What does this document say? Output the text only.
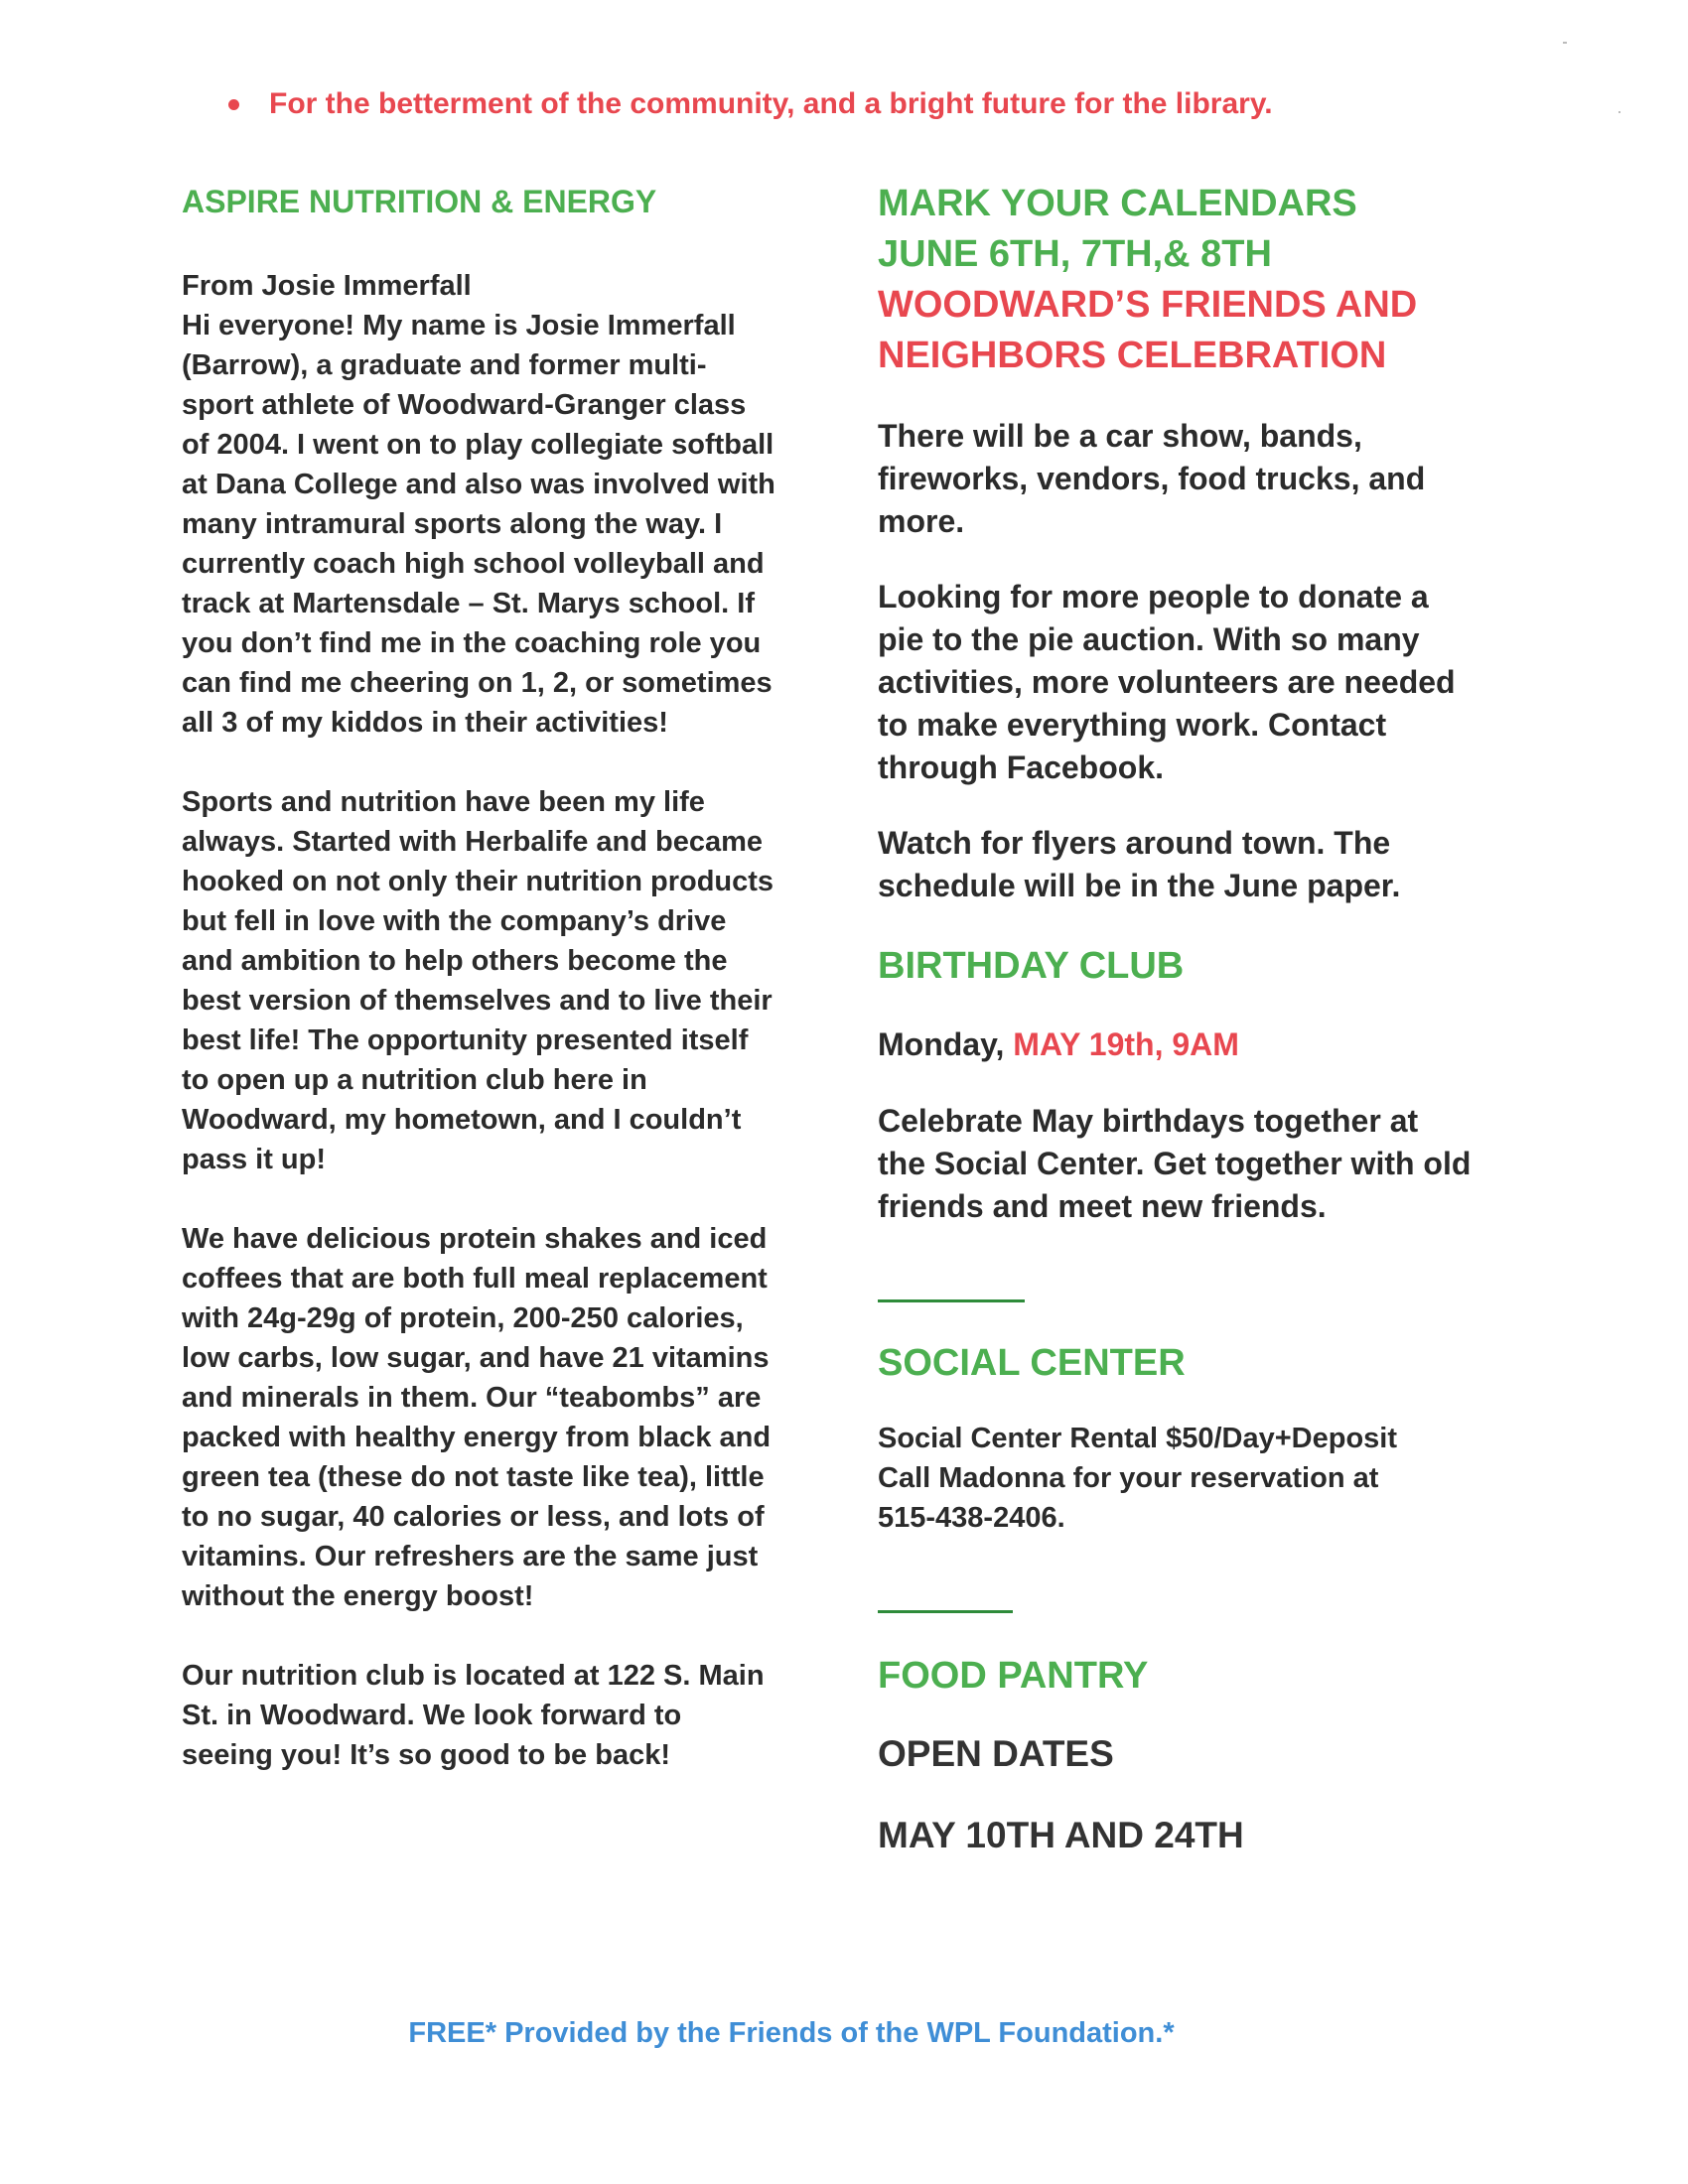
For the betterment of the community, and a bright future for the library.
ASPIRE NUTRITION & ENERGY

From Josie Immerfall

Hi everyone! My name is Josie Immerfall (Barrow), a graduate and former multi-sport athlete of Woodward-Granger class of 2004. I went on to play collegiate softball at Dana College and also was involved with many intramural sports along the way. I currently coach high school volleyball and track at Martensdale – St. Marys school. If you don’t find me in the coaching role you can find me cheering on 1, 2, or sometimes all 3 of my kiddos in their activities!

Sports and nutrition have been my life always. Started with Herbalife and became hooked on not only their nutrition products but fell in love with the company’s drive and ambition to help others become the best version of themselves and to live their best life! The opportunity presented itself to open up a nutrition club here in Woodward, my hometown, and I couldn’t pass it up!

We have delicious protein shakes and iced coffees that are both full meal replacement with 24g-29g of protein, 200-250 calories, low carbs, low sugar, and have 21 vitamins and minerals in them. Our “teabombs” are packed with healthy energy from black and green tea (these do not taste like tea), little to no sugar, 40 calories or less, and lots of vitamins. Our refreshers are the same just without the energy boost!

Our nutrition club is located at 122 S. Main St. in Woodward. We look forward to seeing you! It’s so good to be back!

MARK YOUR CALENDARS
JUNE 6TH, 7TH,& 8TH
WOODWARD’S FRIENDS AND
NEIGHBORS CELEBRATION

There will be a car show, bands, fireworks, vendors, food trucks, and more.

Looking for more people to donate a pie to the pie auction. With so many activities, more volunteers are needed to make everything work. Contact through Facebook.

Watch for flyers around town. The schedule will be in the June paper.

BIRTHDAY CLUB

Monday, MAY 19th, 9AM

Celebrate May birthdays together at the Social Center. Get together with old friends and meet new friends.

SOCIAL CENTER

Social Center Rental $50/Day+Deposit

Call Madonna for your reservation at

515-438-2406.

FOOD PANTRY

OPEN DATES

MAY 10TH AND 24TH

FREE* Provided by the Friends of the WPL Foundation.*
